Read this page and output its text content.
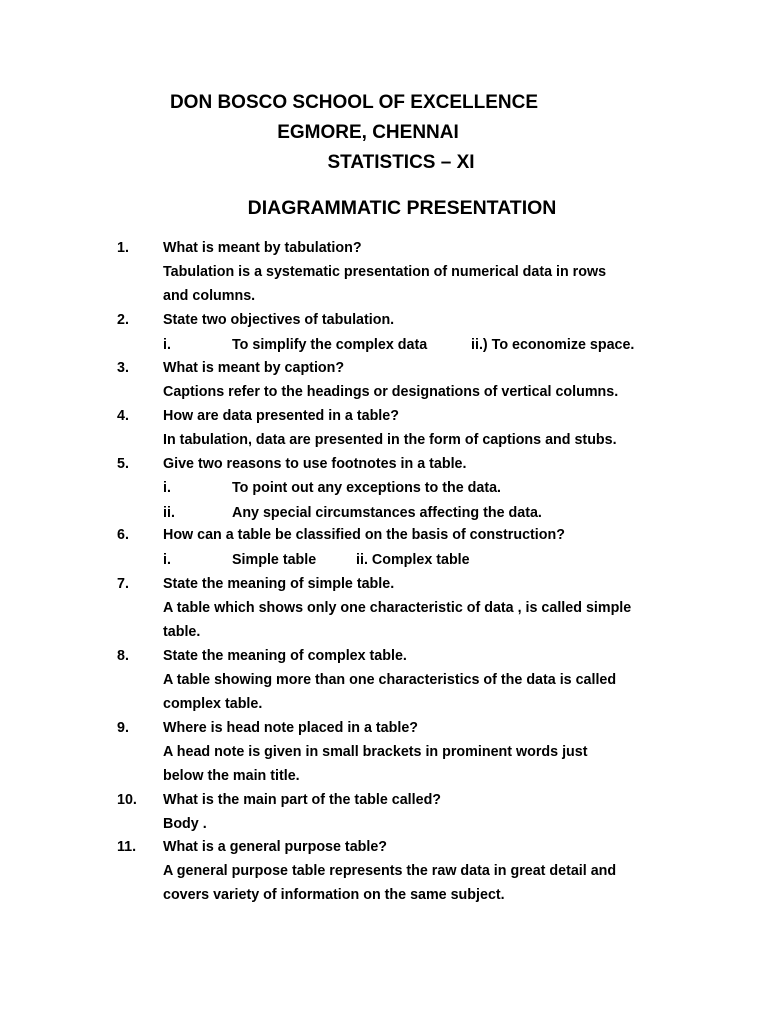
DON BOSCO SCHOOL OF EXCELLENCE
EGMORE, CHENNAI
STATISTICS – XI
DIAGRAMMATIC PRESENTATION
1. What is meant by tabulation?
Tabulation is a systematic presentation of numerical data in rows
and columns.
2. State two objectives of tabulation.
i.	To simplify the complex data	ii.) To economize space.
3. What is meant by caption?
Captions refer to the headings or designations of vertical columns.
4. How are data presented in a table?
In tabulation, data are presented in the form of captions and stubs.
5. Give two reasons to use footnotes in a table.
i.	To point out any exceptions to the data.
ii.	Any special circumstances affecting the data.
6. How can a table be classified on the basis of construction?
i.	Simple table	ii. Complex table
7. State the meaning of simple table.
A table which shows only one characteristic of data , is called simple
table.
8. State the meaning of complex table.
A table showing more than one characteristics of the data is called
complex table.
9. Where is head note placed in a table?
A head note is given in small brackets in prominent words just
below the main title.
10. What is the main part of the table called?
Body .
11. What is a general purpose table?
A general purpose table represents the raw data in great detail and
covers variety of information on the same subject.
